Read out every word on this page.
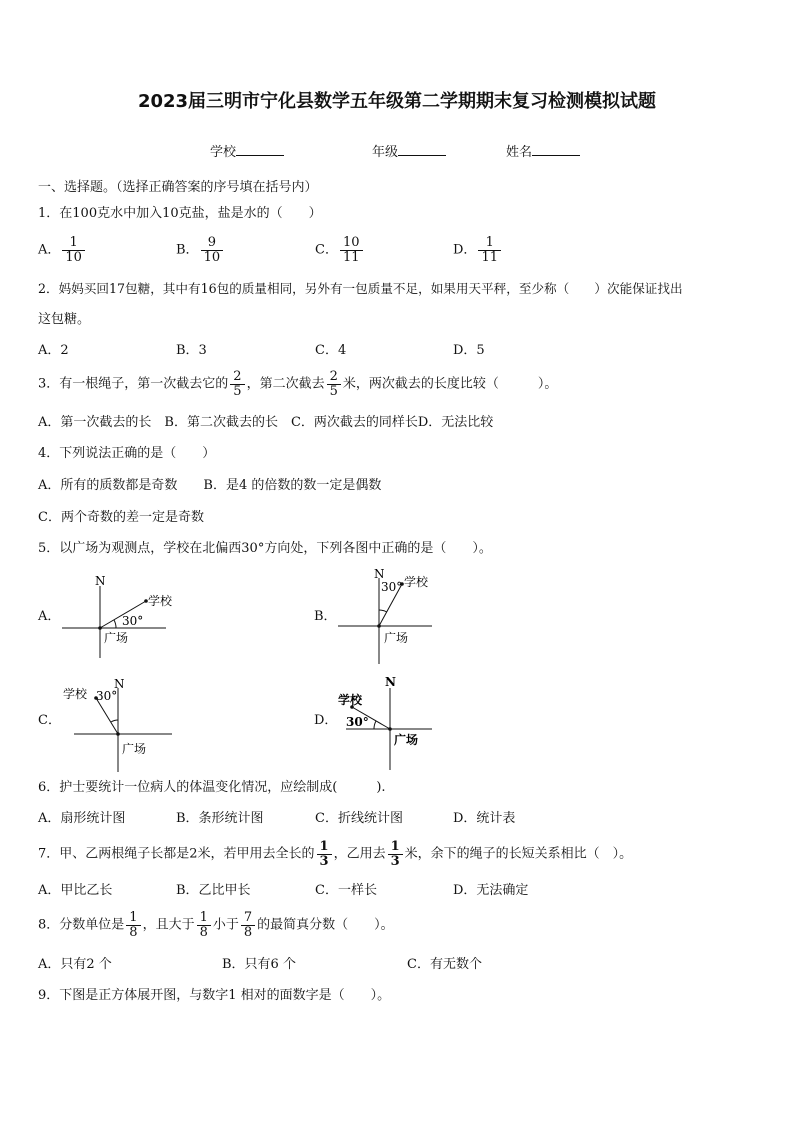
2023届三明市宁化县数学五年级第二学期期末复习检测模拟试题
学校	年级	姓名
一、选择题。（选择正确答案的序号填在括号内）
1．在100克水中加入10克盐，盐是水的（　　）
A． $\frac{1}{10}$	B． $\frac{9}{10}$	C． $\frac{10}{11}$	D． $\frac{1}{11}$
2．妈妈买回17包糖，其中有16包的质量相同，另外有一包质量不足，如果用天平秤，至少称（　　）次能保证找出
这包糖。
A．2	B．3	C．4	D．5
3．有一根绳子，第一次截去它的 $\frac{2}{5}$ ，第二次截去 $\frac{2}{5}$ 米，两次截去的长度比较（　　　）。
A．第一次截去的长　B．第二次截去的长　C．两次截去的同样长D．无法比较
4．下列说法正确的是（　　）
A．所有的质数都是奇数　　B．是4 的倍数的数一定是偶数
C．两个奇数的差一定是奇数
5．以广场为观测点，学校在北偏西30°方向处，下列各图中正确的是（　　）。
A．
N
学校
30°
广场
B．
N
30° 学校
广场
C．
N
30°
学校
广场
D．
N
学校
30°
广场
6．护士要统计一位病人的体温变化情况，应绘制成(　　　).
A．扇形统计图	B．条形统计图	C．折线统计图	D．统计表
7．甲、乙两根绳子长都是2米，若甲用去全长的 $\frac{1}{3}$ ，乙用去 $\frac{1}{3}$ 米，余下的绳子的长短关系相比（　）。
A．甲比乙长	B．乙比甲长	C．一样长	D．无法确定
8．分数单位是 $\frac{1}{8}$ ，且大于 $\frac{1}{8}$ 小于 $\frac{7}{8}$ 的最简真分数（　　）。
A．只有2 个	B．只有6 个	C．有无数个
9．下图是正方体展开图，与数字1 相对的面数字是（　　）。
